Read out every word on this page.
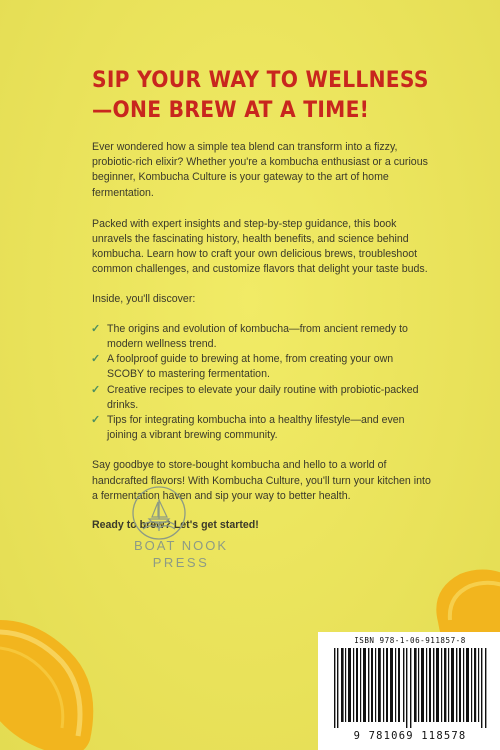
SIP YOUR WAY TO WELLNESS
—ONE BREW AT A TIME!

Ever wondered how a simple tea blend can transform into a fizzy, probiotic-rich elixir? Whether you're a kombucha enthusiast or a curious beginner, Kombucha Culture is your gateway to the art of home fermentation.

Packed with expert insights and step-by-step guidance, this book unravels the fascinating history, health benefits, and science behind kombucha. Learn how to craft your own delicious brews, troubleshoot common challenges, and customize flavors that delight your taste buds.

Inside, you'll discover:

✓ The origins and evolution of kombucha—from ancient remedy to modern wellness trend.
✓ A foolproof guide to brewing at home, from creating your own SCOBY to mastering fermentation.
✓ Creative recipes to elevate your daily routine with probiotic-packed drinks.
✓ Tips for integrating kombucha into a healthy lifestyle—and even joining a vibrant brewing community.

Say goodbye to store-bought kombucha and hello to a world of handcrafted flavors! With Kombucha Culture, you'll turn your kitchen into a fermentation haven and sip your way to better health.

Ready to brew? Let's get started!

BOAT NOOK
PRESS
ISBN 978-1-06-911857-8
9 781069 118578
